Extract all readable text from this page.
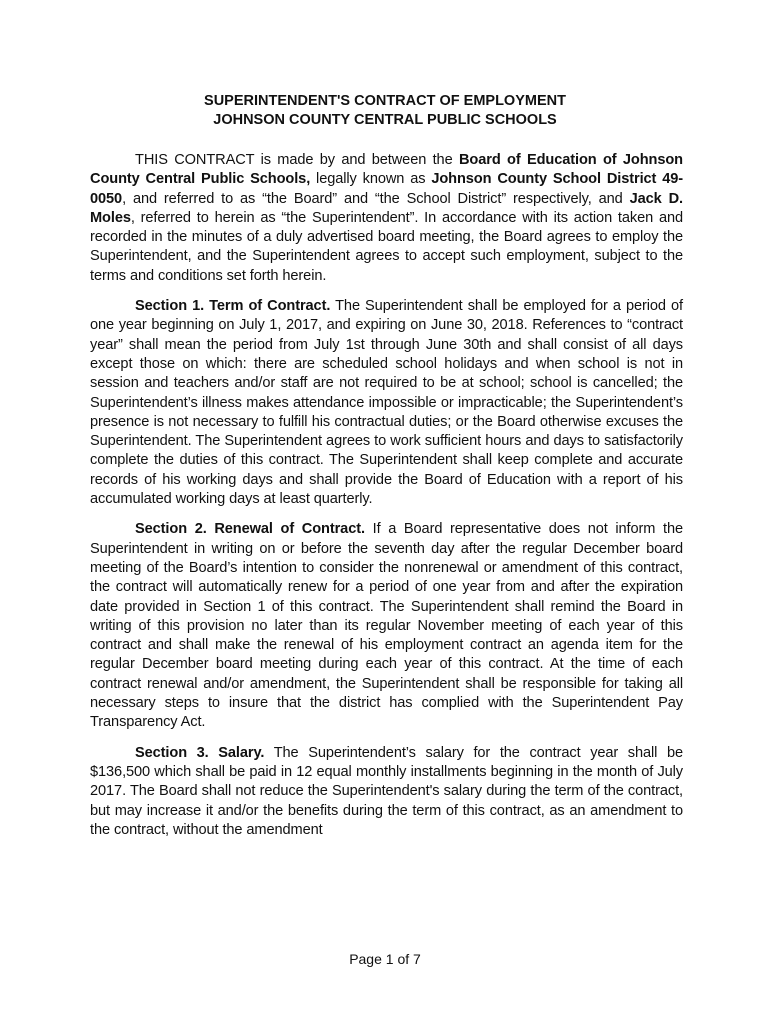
SUPERINTENDENT'S CONTRACT OF EMPLOYMENT
JOHNSON COUNTY CENTRAL PUBLIC SCHOOLS

THIS CONTRACT is made by and between the Board of Education of Johnson County Central Public Schools, legally known as Johnson County School District 49-0050, and referred to as “the Board” and “the School District” respectively, and Jack D. Moles, referred to herein as “the Superintendent”. In accordance with its action taken and recorded in the minutes of a duly advertised board meeting, the Board agrees to employ the Superintendent, and the Superintendent agrees to accept such employment, subject to the terms and conditions set forth herein.

Section 1. Term of Contract. The Superintendent shall be employed for a period of one year beginning on July 1, 2017, and expiring on June 30, 2018. References to “contract year” shall mean the period from July 1st through June 30th and shall consist of all days except those on which: there are scheduled school holidays and when school is not in session and teachers and/or staff are not required to be at school; school is cancelled; the Superintendent’s illness makes attendance impossible or impracticable; the Superintendent’s presence is not necessary to fulfill his contractual duties; or the Board otherwise excuses the Superintendent. The Superintendent agrees to work sufficient hours and days to satisfactorily complete the duties of this contract. The Superintendent shall keep complete and accurate records of his working days and shall provide the Board of Education with a report of his accumulated working days at least quarterly.

Section 2. Renewal of Contract. If a Board representative does not inform the Superintendent in writing on or before the seventh day after the regular December board meeting of the Board’s intention to consider the nonrenewal or amendment of this contract, the contract will automatically renew for a period of one year from and after the expiration date provided in Section 1 of this contract. The Superintendent shall remind the Board in writing of this provision no later than its regular November meeting of each year of this contract and shall make the renewal of his employment contract an agenda item for the regular December board meeting during each year of this contract. At the time of each contract renewal and/or amendment, the Superintendent shall be responsible for taking all necessary steps to insure that the district has complied with the Superintendent Pay Transparency Act.

Section 3. Salary. The Superintendent’s salary for the contract year shall be $136,500 which shall be paid in 12 equal monthly installments beginning in the month of July 2017. The Board shall not reduce the Superintendent's salary during the term of the contract, but may increase it and/or the benefits during the term of this contract, as an amendment to the contract, without the amendment

Page 1 of 7
